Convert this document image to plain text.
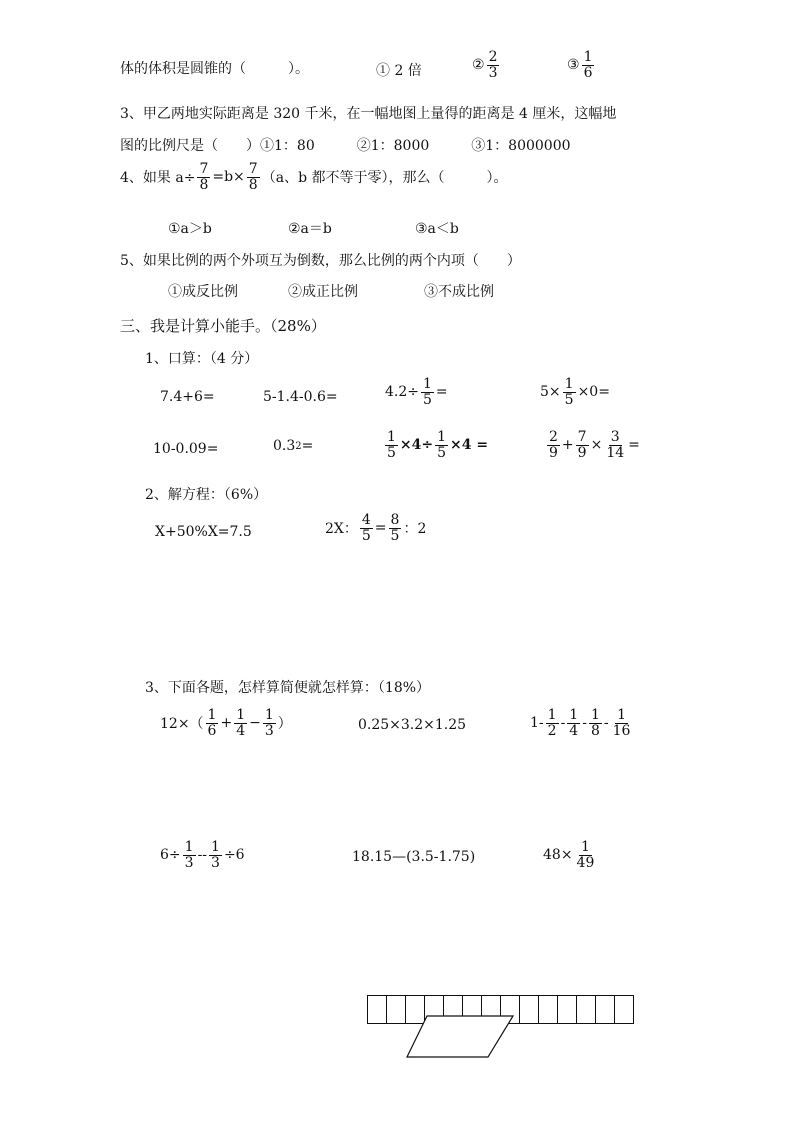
体的体积是圆锥的（　　　）。	① 2 倍	② $\frac{2}{3}$	③ $\frac{1}{6}$
3、甲乙两地实际距离是 320 千米，在一幅地图上量得的距离是 4 厘米，这幅地
图的比例尺是（　　）①1：80　　　②1：8000　　　③1：8000000
4、如果 $a\div \frac{7}{8} =b\times \frac{7}{8} (a$、b 都不等于零），那么（　　　）。
①a＞b	②a＝b	③a＜b
5、如果比例的两个外项互为倒数，那么比例的两个内项（　　）
①成反比例	②成正比例	③不成比例
三、我是计算小能手。（28%）
1、口算：（4 分）
7.4+6=	5-1.4-0.6=	$4.2\div \frac{1}{5}$ =	$5\times \frac{1}{5} \times 0=$
10-0.09=	0.3 2 =	$\frac{1}{5} \times 4\div \frac{1}{5} \times 4$ =	$\frac{2}{9} + \frac{7}{9} \times \frac{3}{14}$ =
2、解方程：（6%）
X+50%X=7.5	2X： $\frac{4}{5} = \frac{8}{5}$ ：2
3、下面各题，怎样算简便就怎样算：（18%）
$12\times( \frac{1}{6} + \frac{1}{4} - \frac{1}{3}$ ）	0.25×3.2×1.25	$1- \frac{1}{2} - \frac{1}{4} - \frac{1}{8} - \frac{1}{16}$
$6\div \frac{1}{3} -- \frac{1}{3} \div 6$	18.15—(3.5-1.75)	$48\times \frac{1}{49}$
